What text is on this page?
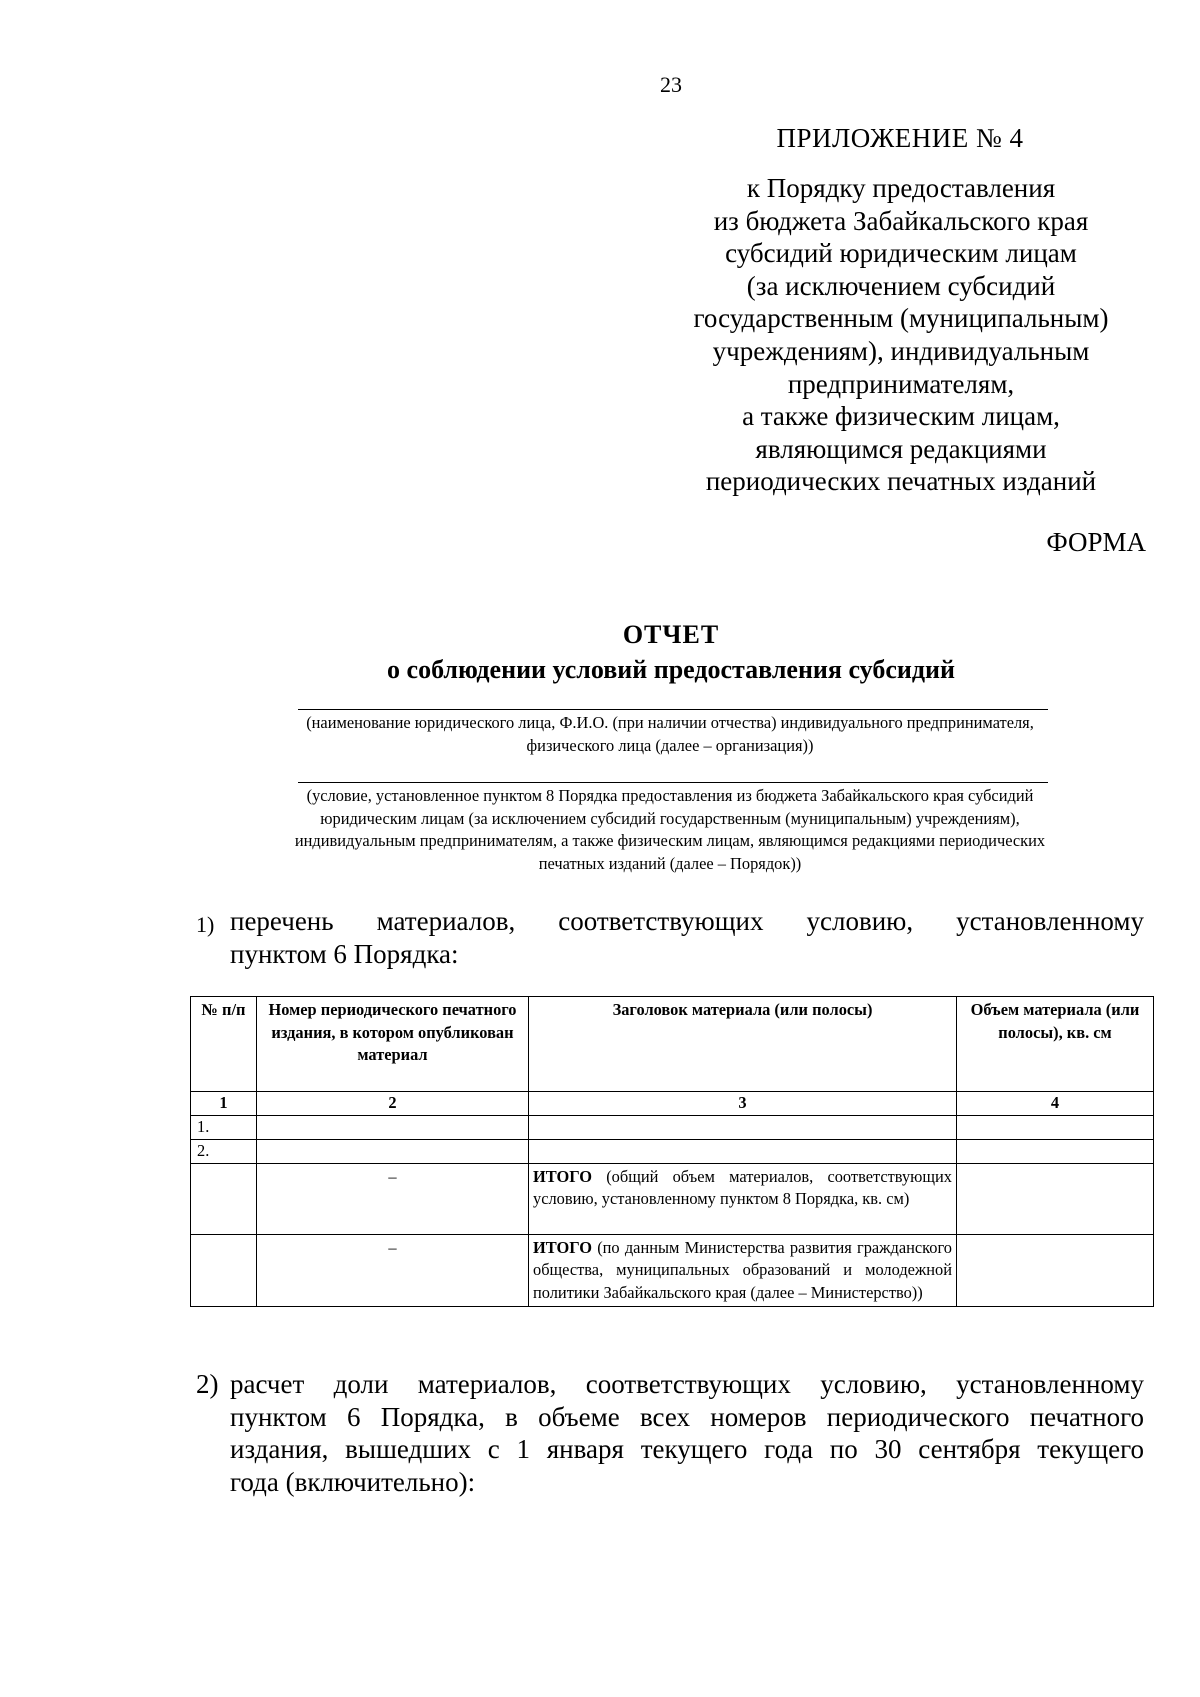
23
ПРИЛОЖЕНИЕ № 4
к Порядку предоставления
из бюджета Забайкальского края
субсидий юридическим лицам
(за исключением субсидий
государственным (муниципальным)
учреждениям), индивидуальным
предпринимателям,
а также физическим лицам,
являющимся редакциями
периодических печатных изданий
ФОРМА
ОТЧЕТ
о соблюдении условий предоставления субсидий
(наименование юридического лица, Ф.И.О. (при наличии отчества) индивидуального предпринимателя,
физического лица (далее – организация))
(условие, установленное пунктом 8 Порядка предоставления из бюджета Забайкальского края субсидий
юридическим лицам (за исключением субсидий государственным (муниципальным) учреждениям),
индивидуальным предпринимателям, а также физическим лицам, являющимся редакциями периодических
печатных изданий (далее – Порядок))
1) перечень материалов, соответствующих условию, установленному
пунктом 6 Порядка:
№ п/п	Номер периодического печатного издания, в котором опубликован материал	Заголовок материала (или полосы)	Объем материала (или полосы), кв. см
1	2	3	4
1.			
2.			
	–	ИТОГО (общий объем материалов, соответствующих условию, установленному пунктом 8 Порядка, кв. см)	
	–	ИТОГО (по данным Министерства развития гражданского общества, муниципальных образований и молодежной политики Забайкальского края (далее – Министерство))	
2) расчет доли материалов, соответствующих условию, установленному
пунктом 6 Порядка, в объеме всех номеров периодического печатного
издания, вышедших с 1 января текущего года по 30 сентября текущего
года (включительно):
